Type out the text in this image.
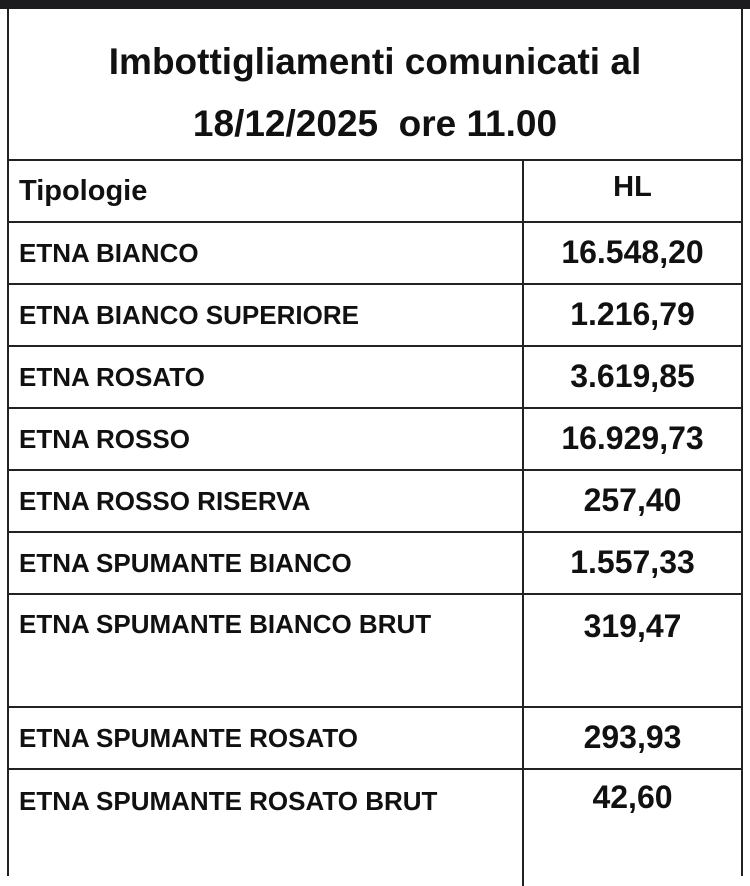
Imbottigliamenti comunicati al
18/12/2025  ore 11.00
Tipologie	HL
ETNA BIANCO	16.548,20
ETNA BIANCO SUPERIORE	1.216,79
ETNA ROSATO	3.619,85
ETNA ROSSO	16.929,73
ETNA ROSSO RISERVA	257,40
ETNA SPUMANTE BIANCO	1.557,33
ETNA SPUMANTE BIANCO BRUT	319,47
ETNA SPUMANTE ROSATO	293,93
ETNA SPUMANTE ROSATO BRUT	42,60
